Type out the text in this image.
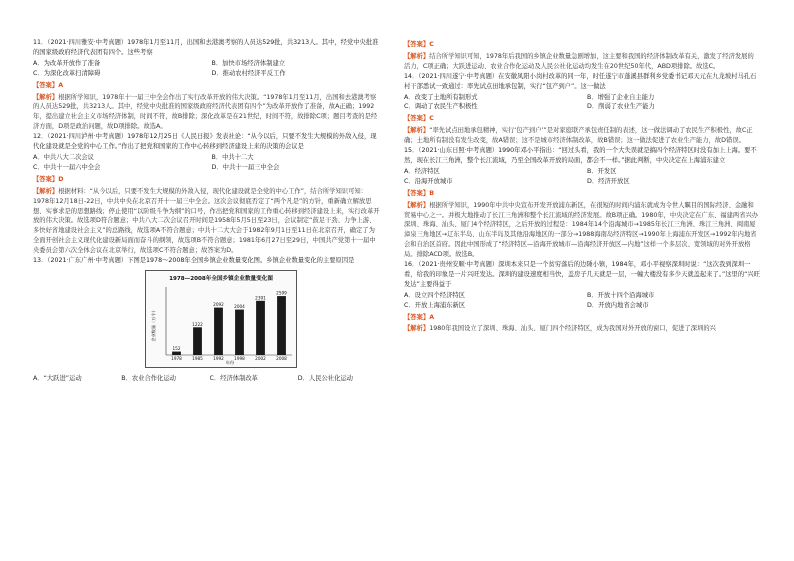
11．（2021·四川雅安·中考真题）1978年1月至11月，出国和去港澳考察的人员达529批，共3213人。其中，经党中央批准的国家级政府经济代表团有四个。这些考察
A．为改革开放作了准备	B．加快市场经济体制建立
C．为深化改革扫清障碍	D．推动农村经济平反工作
【答案】A
【解析】根据所学知识，1978年十一届三中全会作出了实行改革开放的伟大决策。“1978年1月至11月，出国和去港澳考察的人员达529批，共3213人。其中，经党中央批准的国家级政府经济代表团有四个”为改革开放作了准备，故A正确；1992年，提出建立社会主义市场经济体制，时间不符，故B排除；深化改革是在21世纪，时间不符，故排除C项；题目考查的是经济方面，D项是政治问题，故D项排除。故选A。
12．（2021·四川泸州·中考真题）1978年12月25日《人民日报》发表社论：“从今以后，只要不发生大规模的外敌入侵，现代化建设就是全党的中心工作。”作出了把党和国家的工作中心转移到经济建设上来的决策的会议是
A．中共八大二次会议	B．中共十二大
C．中共十一届六中全会	D．中共十一届三中全会
【答案】D
【解析】根据材料：“从今以后，只要不发生大规模的外敌入侵，现代化建设就是全党的中心工作”，结合所学知识可知：1978年12月18日-22日，中共中央在北京召开十一届三中全会。这次会议彻底否定了“两个凡是”的方针，重新确立解放思想、实事求是的思想路线；停止使用“以阶级斗争为纲”的口号，作出把党和国家的工作重心转移到经济建设上来，实行改革开放的伟大决策。故选项D符合题意；中共八大二次会议召开时间是1958年5月5日至23日，会议制定“鼓足干劲、力争上游、多快好省地建设社会主义”的总路线，故选项A不符合题意；中共十二大大会于1982年9月1日至11日在北京召开，确定了为全面开创社会主义现代化建设新局面而奋斗的纲领，故选项B不符合题意；1981年6月27日至29日，中国共产党第十一届中央委员会第六次全体会议在北京举行，故选项C不符合题意；故答案为D。
13．（2021·广东广州·中考真题）下图是1978～2008年全国乡镇企业数量变化图。乡镇企业数量变化的主要原因是
1978—2008年全国乡镇企业数量变化图
企业数量（万个）
年份
152
1978
1222
1985
2092
1992
2004
1998
2391
2002
2599
2008
A．“大跃进”运动	B．农业合作化运动	C．经济体制改革	D．人民公社化运动
【答案】C
【解析】结合所学知识可知，1978年后我国的乡镇企业数量急剧增加，这主要和我国的经济体制改革有关，激发了经济发展的活力，C项正确；大跃进运动、农业合作化运动及人民公社化运动均发生在20世纪50年代，ABD项排除。故选C。
14．（2021·四川遂宁·中考真题）在安徽凤阳小岗村改革的同一年，时任遂宁市蓬溪县群利乡党委书记邓天元在九龙坡村马孔石村干部悉试一致通过：率先试点田地承包制，实行“包产到户”。这一做法
A．改变了土地所有制形式	B．增强了企业自主能力
C．调动了农民生产积极性	D．削弱了农业生产能力
【答案】C
【解析】“率先试点田地承包精神，实行‘包产到户’”是对家庭联产承包责任制的表述，这一做法调动了农民生产积极性，故C正确；土地所有制没有发生改变，故A错误；这不是城市经济体制改革，故B错误；这一做法促进了农业生产能力，故D错误。
15．（2021·山东日照·中考真题）1990年邓小平指出：“回过头看，我的一个大失误就是搞四个经济特区时没有加上上海。要不然，现在长江三角洲，整个长江流域，乃至全国改革开放的局面，都会不一样。”据此判断，中央决定在上海浦东建立
A．经济特区	B．开发区
C．沿海开放城市	D．经济开放区
【答案】B
【解析】根据所学知识，1990年中共中央宣布开发开放浦东新区，在很短的时间内浦东就成为令世人瞩目的国际经济、金融和贸易中心之一。并极大地推动了长江三角洲和整个长江流域的经济发展。故B项正确。1980年，中央决定在广东、福建两省兴办深圳、珠海、汕头、厦门4个经济特区，之后开放的过程是：1984年14个沿海城市→1985年长江三角洲、珠江三角洲、闽南厦漳泉三角地区→辽东半岛、山东半岛及其他沿海地区的一部分→1988海南岛经济特区→1990年上海浦东开发区→1992年内地省会和自治区首府。因此中国形成了“经济特区—沿海开放城市—沿海经济开放区—内地”这样一个多层次、宽领域的对外开放格局。排除ACD项。故选B。
16．（2021·贵州安顺·中考真题）深圳本来只是一个贫穷落后的边陲小镇，1984年，邓小平视察深圳时说：“这次我到深圳一看，给我的印象是一片兴旺发达。深圳的建设速度相当快，盖房子几天就是一层，一幢大楼没有多少天就盖起来了。”这里的“兴旺发达”主要得益于
A．设立四个经济特区	B．开放十四个沿海城市
C．开放上海浦东新区	D．开放内地省会城市
【答案】A
【解析】1980年我国设立了深圳、珠海、汕头、厦门四个经济特区，成为我国对外开放的窗口，促进了深圳的兴
